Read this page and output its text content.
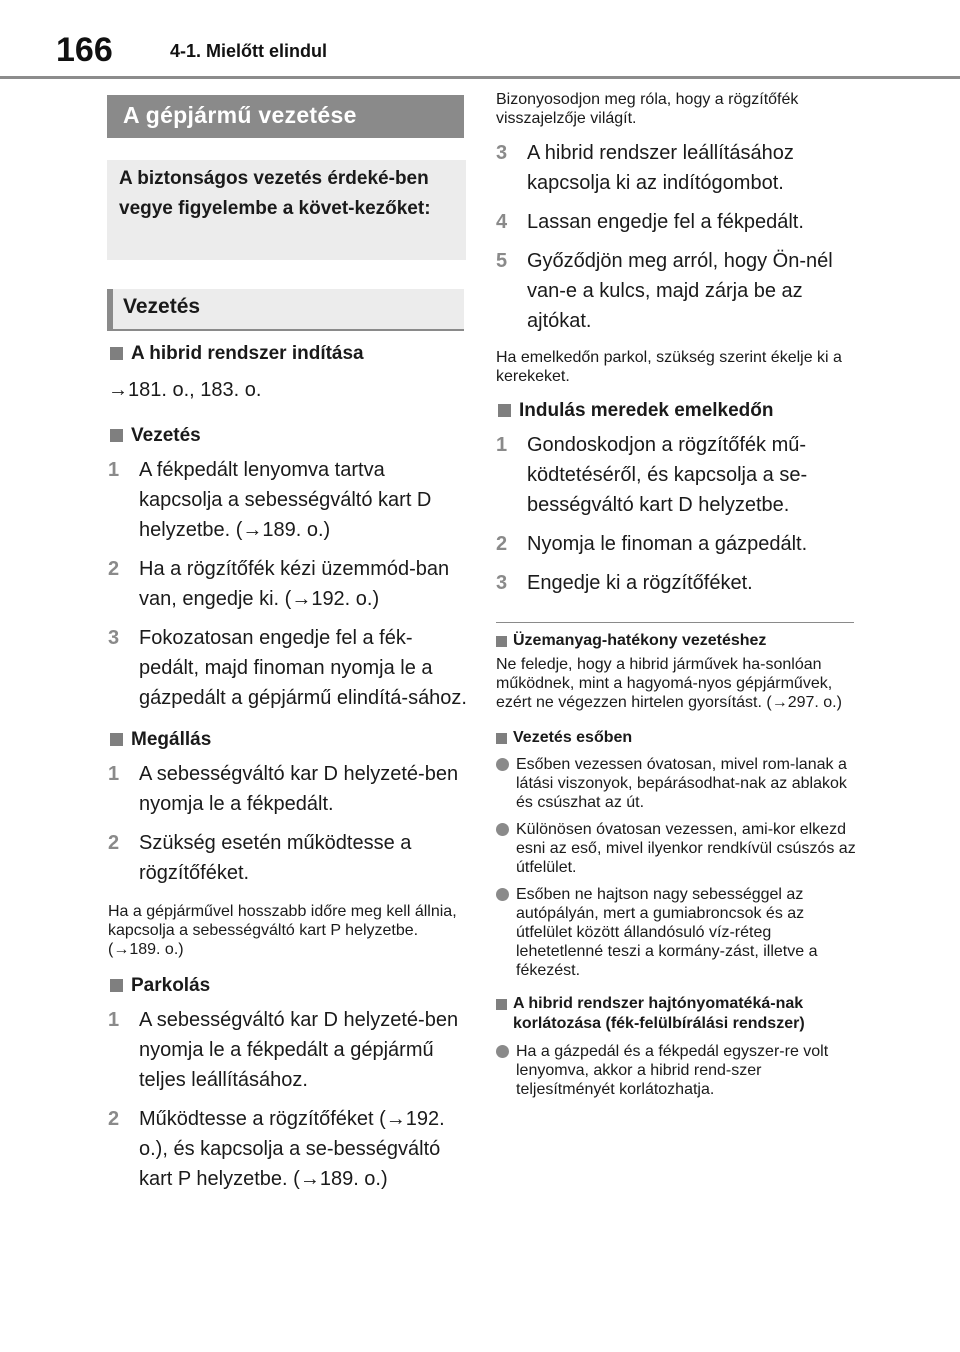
166	4-1. Mielőtt elindul
A gépjármű vezetése
A biztonságos vezetés érdeké-ben vegye figyelembe a követ-kezőket:
Vezetés
A hibrid rendszer indítása
→181. o., 183. o.
Vezetés
1 A fékpedált lenyomva tartva kapcsolja a sebességváltó kart D helyzetbe. (→189. o.)
2 Ha a rögzítőfék kézi üzemmód-ban van, engedje ki. (→192. o.)
3 Fokozatosan engedje fel a fék-pedált, majd finoman nyomja le a gázpedált a gépjármű elindítá-sához.
Megállás
1 A sebességváltó kar D helyzeté-ben nyomja le a fékpedált.
2 Szükség esetén működtesse a rögzítőféket.
Ha a gépjárművel hosszabb időre meg kell állnia, kapcsolja a sebességváltó kart P helyzetbe. (→189. o.)
Parkolás
1 A sebességváltó kar D helyzeté-ben nyomja le a fékpedált a gépjármű teljes leállításához.
2 Működtesse a rögzítőféket (→192. o.), és kapcsolja a se-bességváltó kart P helyzetbe. (→189. o.)
Bizonyosodjon meg róla, hogy a rögzítőfék visszajelzője világít.
3 A hibrid rendszer leállításához kapcsolja ki az indítógombot.
4 Lassan engedje fel a fékpedált.
5 Győződjön meg arról, hogy Ön-nél van-e a kulcs, majd zárja be az ajtókat.
Ha emelkedőn parkol, szükség szerint ékelje ki a kerekeket.
Indulás meredek emelkedőn
1 Gondoskodjon a rögzítőfék mű-ködtetéséről, és kapcsolja a se-bességváltó kart D helyzetbe.
2 Nyomja le finoman a gázpedált.
3 Engedje ki a rögzítőféket.
Üzemanyag-hatékony vezetéshez
Ne feledje, hogy a hibrid járművek ha-sonlóan működnek, mint a hagyomá-nyos gépjárművek, ezért ne végezzen hirtelen gyorsítást. (→297. o.)
Vezetés esőben
Esőben vezessen óvatosan, mivel rom-lanak a látási viszonyok, bepárásodhat-nak az ablakok és csúszhat az út.
Különösen óvatosan vezessen, ami-kor elkezd esni az eső, mivel ilyenkor rendkívül csúszós az útfelület.
Esőben ne hajtson nagy sebességgel az autópályán, mert a gumiabroncsok és az útfelület között állandósuló víz-réteg lehetetlenné teszi a kormány-zást, illetve a fékezést.
A hibrid rendszer hajtónyomatéká-nak korlátozása (fék-felülbírálási rendszer)
Ha a gázpedál és a fékpedál egyszer-re volt lenyomva, akkor a hibrid rend-szer teljesítményét korlátozhatja.
